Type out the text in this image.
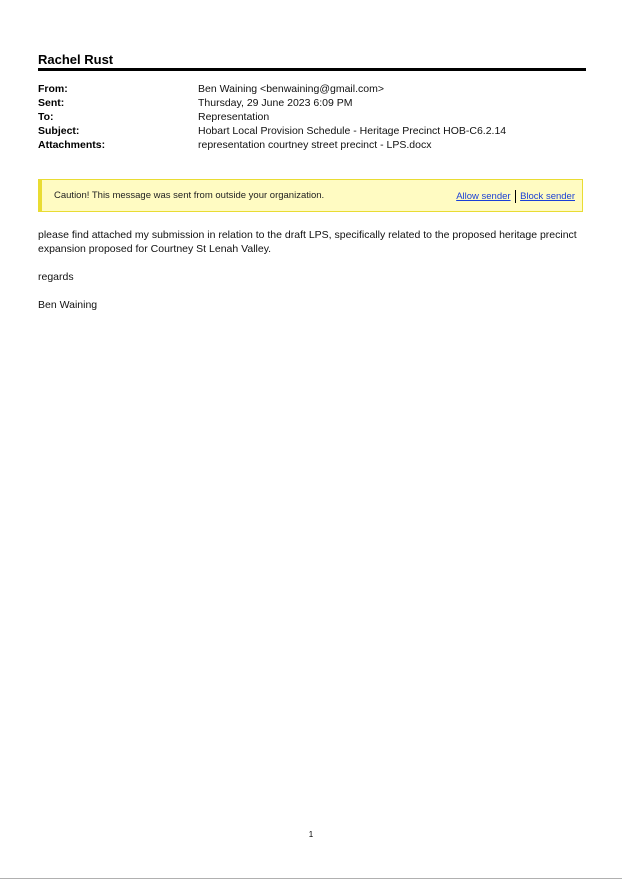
Rachel Rust
From:	Ben Waining <benwaining@gmail.com>
Sent:	Thursday, 29 June 2023 6:09 PM
To:	Representation
Subject:	Hobart Local Provision Schedule - Heritage Precinct HOB-C6.2.14
Attachments:	representation courtney street precinct - LPS.docx
Caution! This message was sent from outside your organization.	Allow sender Block sender

please find attached my submission in relation to the draft LPS, specifically related to the proposed heritage precinct expansion proposed for Courtney St Lenah Valley.

regards

Ben Waining

1
